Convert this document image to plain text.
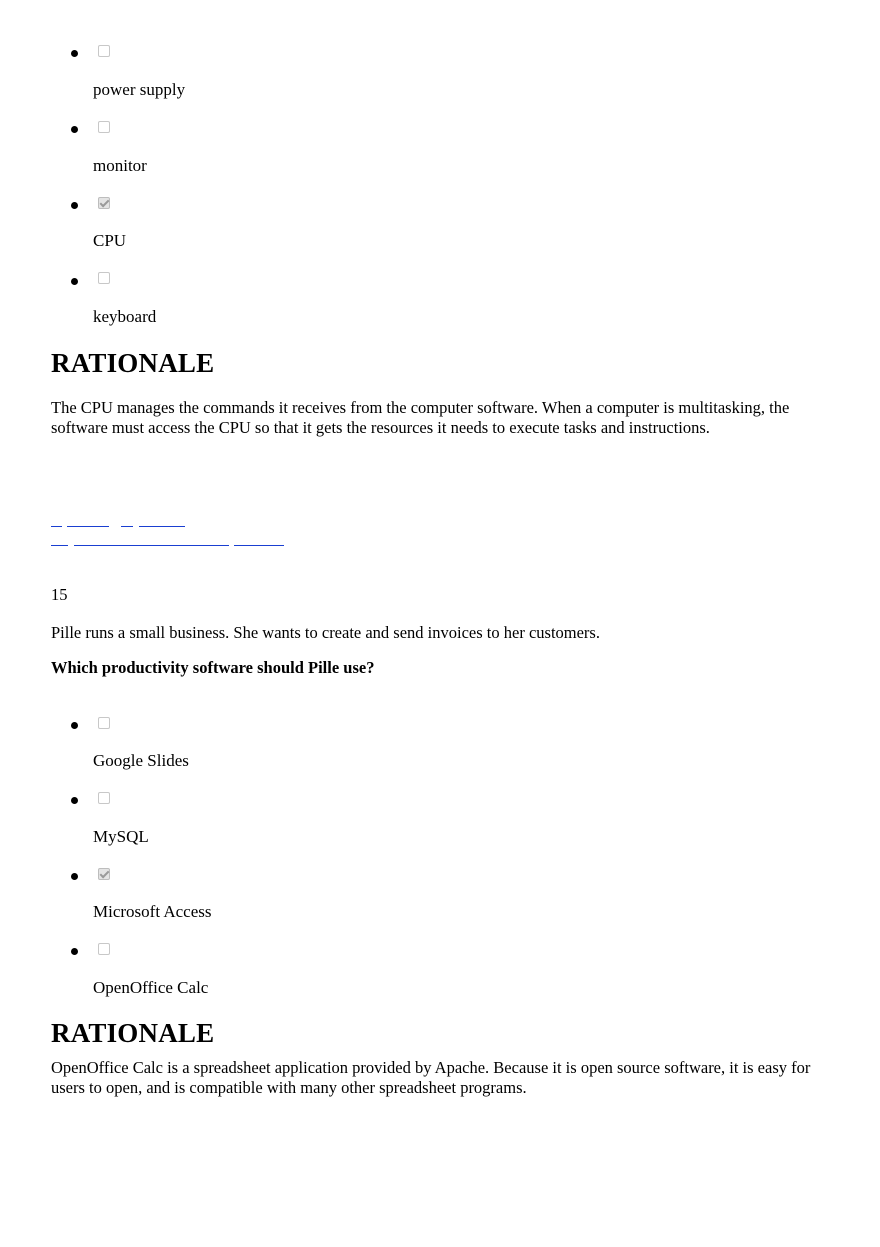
power supply
monitor
CPU
keyboard
RATIONALE
The CPU manages the commands it receives from the computer software. When a computer is multitasking, the software must access the CPU so that it gets the resources it needs to execute tasks and instructions.
15
Pille runs a small business. She wants to create and send invoices to her customers.
Which productivity software should Pille use?
Google Slides
MySQL
Microsoft Access
OpenOffice Calc
RATIONALE
OpenOffice Calc is a spreadsheet application provided by Apache. Because it is open source software, it is easy for users to open, and is compatible with many other spreadsheet programs.
